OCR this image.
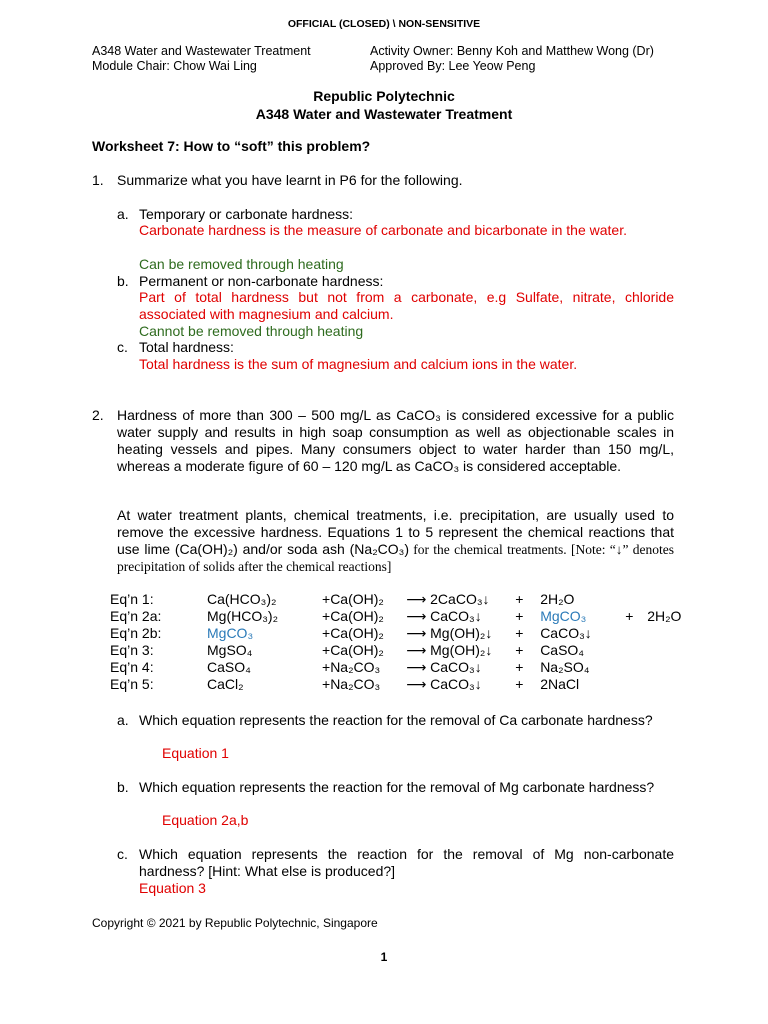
OFFICIAL (CLOSED) \ NON-SENSITIVE
A348 Water and Wastewater Treatment
Module Chair: Chow Wai Ling
Activity Owner: Benny Koh and Matthew Wong (Dr)
Approved By: Lee Yeow Peng
Republic Polytechnic
A348 Water and Wastewater Treatment
Worksheet 7: How to “soft” this problem?
1. Summarize what you have learnt in P6 for the following.
a. Temporary or carbonate hardness:
Carbonate hardness is the measure of carbonate and bicarbonate in the water.
Can be removed through heating
b. Permanent or non-carbonate hardness:
Part of total hardness but not from a carbonate, e.g Sulfate, nitrate, chloride associated with magnesium and calcium.
Cannot be removed through heating
c. Total hardness:
Total hardness is the sum of magnesium and calcium ions in the water.
2. Hardness of more than 300 – 500 mg/L as CaCO₃ is considered excessive for a public water supply and results in high soap consumption as well as objectionable scales in heating vessels and pipes. Many consumers object to water harder than 150 mg/L, whereas a moderate figure of 60 – 120 mg/L as CaCO₃ is considered acceptable.
At water treatment plants, chemical treatments, i.e. precipitation, are usually used to remove the excessive hardness. Equations 1 to 5 represent the chemical reactions that use lime (Ca(OH)₂) and/or soda ash (Na₂CO₃) for the chemical treatments. [Note: “↓” denotes precipitation of solids after the chemical reactions]
Eq’n 1:	Ca(HCO₃)₂	+	Ca(OH)₂	⟶ 2CaCO₃↓	+	2H₂O		
Eq’n 2a:	Mg(HCO₃)₂	+	Ca(OH)₂	⟶ CaCO₃↓	+	MgCO₃	+	2H₂O
Eq’n 2b:	MgCO₃	+	Ca(OH)₂	⟶ Mg(OH)₂↓	+	CaCO₃↓		
Eq’n 3:	MgSO₄	+	Ca(OH)₂	⟶ Mg(OH)₂↓	+	CaSO₄		
Eq’n 4:	CaSO₄	+	Na₂CO₃	⟶ CaCO₃↓	+	Na₂SO₄		
Eq’n 5:	CaCl₂	+	Na₂CO₃	⟶ CaCO₃↓	+	2NaCl		
a. Which equation represents the reaction for the removal of Ca carbonate hardness?
Equation 1
b. Which equation represents the reaction for the removal of Mg carbonate hardness?
Equation 2a,b
c. Which equation represents the reaction for the removal of Mg non-carbonate hardness? [Hint: What else is produced?]
Equation 3
Copyright © 2021 by Republic Polytechnic, Singapore
1
